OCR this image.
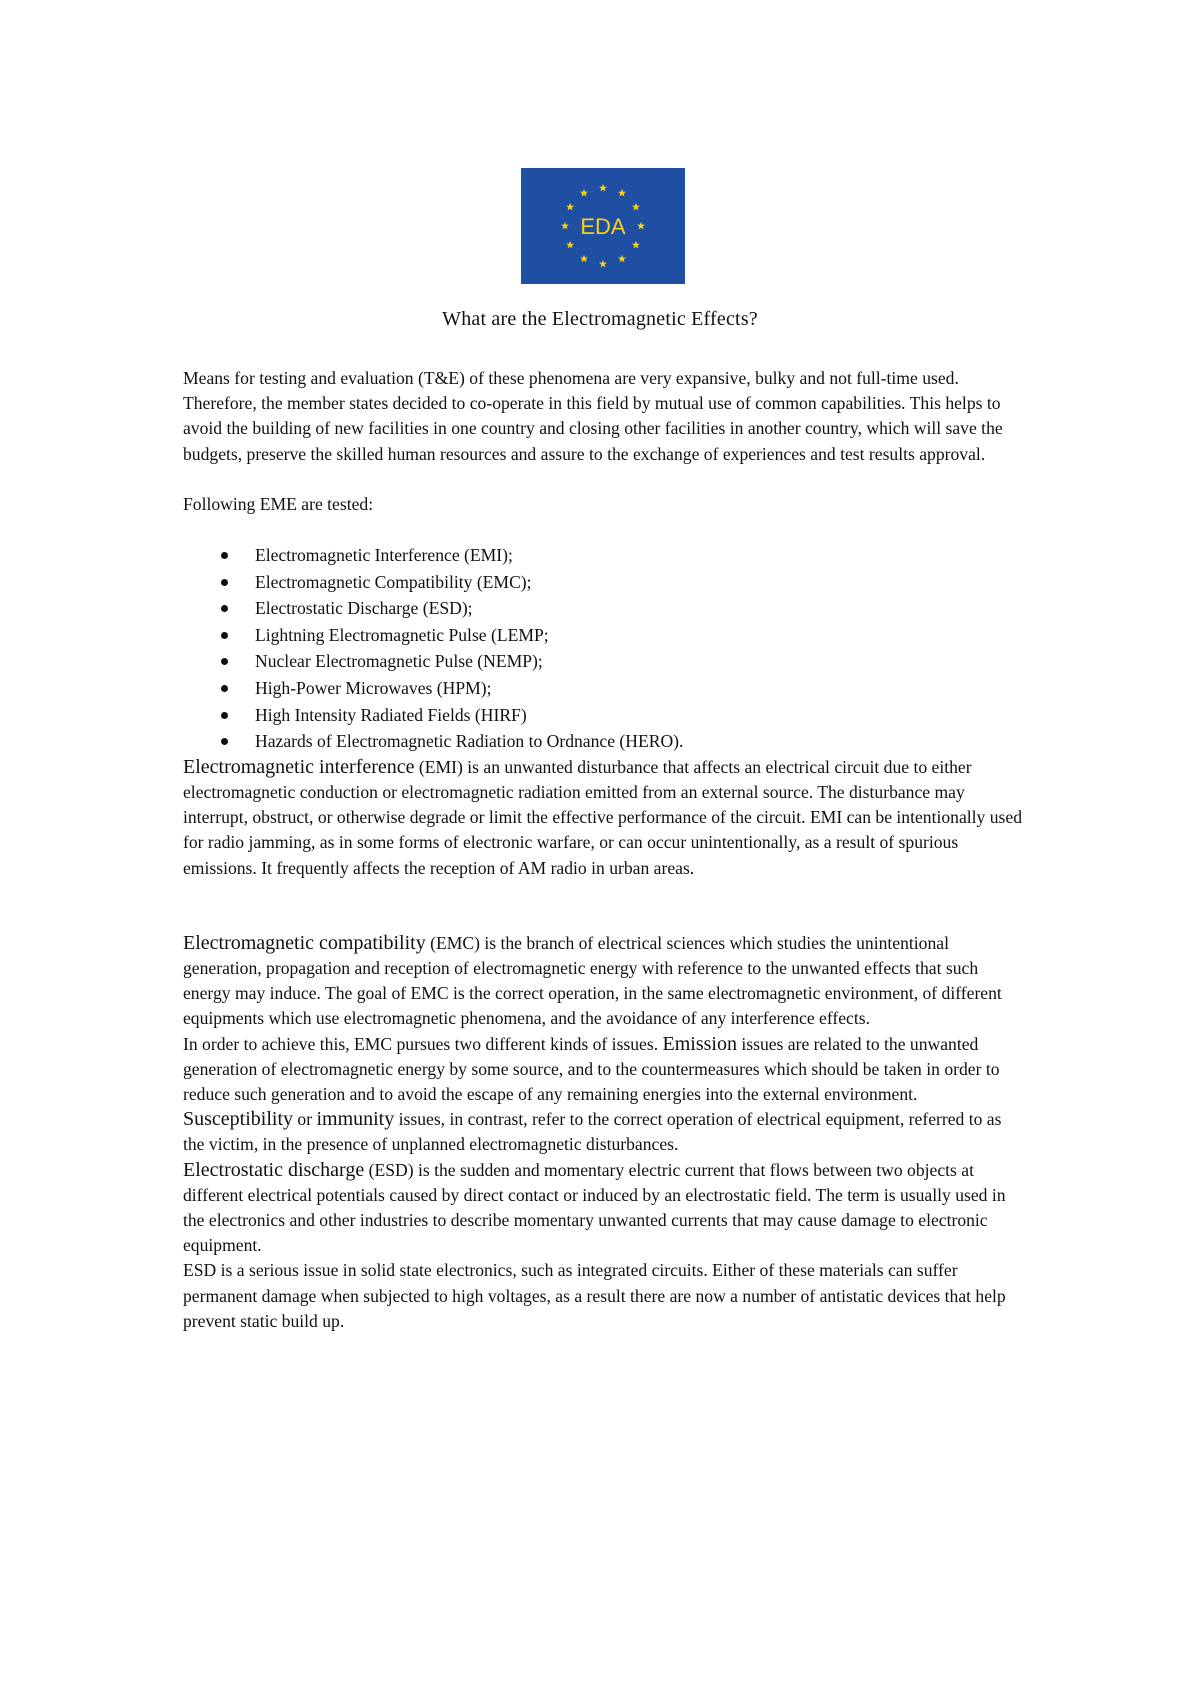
EDA
What are the Electromagnetic Effects?

Means for testing and evaluation (T&E) of these phenomena are very expansive, bulky and not full-time used. Therefore, the member states decided to co-operate in this field by mutual use of common capabilities. This helps to avoid the building of new facilities in one country and closing other facilities in another country, which will save the budgets, preserve the skilled human resources and assure to the exchange of experiences and test results approval.

Following EME are tested:

Electromagnetic Interference (EMI);
Electromagnetic Compatibility (EMC);
Electrostatic Discharge (ESD);
Lightning Electromagnetic Pulse (LEMP;
Nuclear Electromagnetic Pulse (NEMP);
High-Power Microwaves (HPM);
High Intensity Radiated Fields (HIRF)
Hazards of Electromagnetic Radiation to Ordnance (HERO).

Electromagnetic interference (EMI) is an unwanted disturbance that affects an electrical circuit due to either electromagnetic conduction or electromagnetic radiation emitted from an external source. The disturbance may interrupt, obstruct, or otherwise degrade or limit the effective performance of the circuit. EMI can be intentionally used for radio jamming, as in some forms of electronic warfare, or can occur unintentionally, as a result of spurious emissions. It frequently affects the reception of AM radio in urban areas.

Electromagnetic compatibility (EMC) is the branch of electrical sciences which studies the unintentional generation, propagation and reception of electromagnetic energy with reference to the unwanted effects that such energy may induce. The goal of EMC is the correct operation, in the same electromagnetic environment, of different equipments which use electromagnetic phenomena, and the avoidance of any interference effects.

In order to achieve this, EMC pursues two different kinds of issues. Emission issues are related to the unwanted generation of electromagnetic energy by some source, and to the countermeasures which should be taken in order to reduce such generation and to avoid the escape of any remaining energies into the external environment. Susceptibility or immunity issues, in contrast, refer to the correct operation of electrical equipment, referred to as the victim, in the presence of unplanned electromagnetic disturbances.

Electrostatic discharge (ESD) is the sudden and momentary electric current that flows between two objects at different electrical potentials caused by direct contact or induced by an electrostatic field. The term is usually used in the electronics and other industries to describe momentary unwanted currents that may cause damage to electronic equipment.

ESD is a serious issue in solid state electronics, such as integrated circuits. Either of these materials can suffer permanent damage when subjected to high voltages, as a result there are now a number of antistatic devices that help prevent static build up.
